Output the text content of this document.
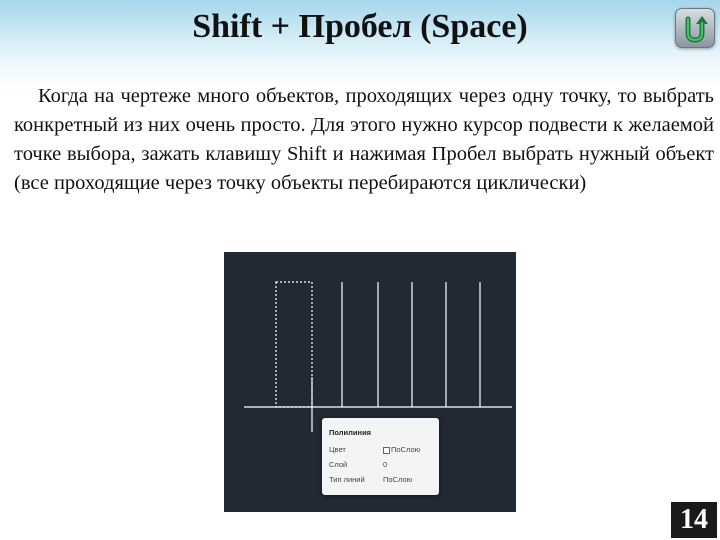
Shift + Пробел (Space)
Когда на чертеже много объектов, проходящих через одну точку, то выбрать конкретный из них очень просто. Для этого нужно курсор подвести к желаемой точке выбора, зажать клавишу Shift и нажимая Пробел выбрать нужный объект (все проходящие через точку объекты перебираются циклически)
Полилиния
Цвет	ПоСлою
Слой	0
Тип линий ПоСлою
14
